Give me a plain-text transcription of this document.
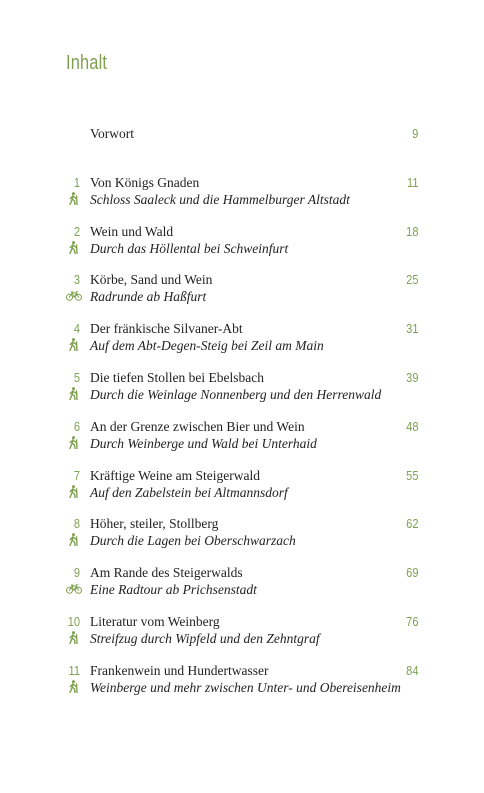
Inhalt
Vorwort	9
1 Von Königs Gnaden
Schloss Saaleck und die Hammelburger Altstadt
11
2 Wein und Wald
Durch das Höllental bei Schweinfurt
18
3 Körbe, Sand und Wein
Radrunde ab Haßfurt
25
4 Der fränkische Silvaner-Abt
Auf dem Abt-Degen-Steig bei Zeil am Main
31
5 Die tiefen Stollen bei Ebelsbach
Durch die Weinlage Nonnenberg und den Herrenwald
39
6 An der Grenze zwischen Bier und Wein
Durch Weinberge und Wald bei Unterhaid
48
7 Kräftige Weine am Steigerwald
Auf den Zabelstein bei Altmannsdorf
55
8 Höher, steiler, Stollberg
Durch die Lagen bei Oberschwarzach
62
9 Am Rande des Steigerwalds
Eine Radtour ab Prichsenstadt
69
10 Literatur vom Weinberg
Streifzug durch Wipfeld und den Zehntgraf
76
11 Frankenwein und Hundertwasser
Weinberge und mehr zwischen Unter- und Obereisenheim
84
